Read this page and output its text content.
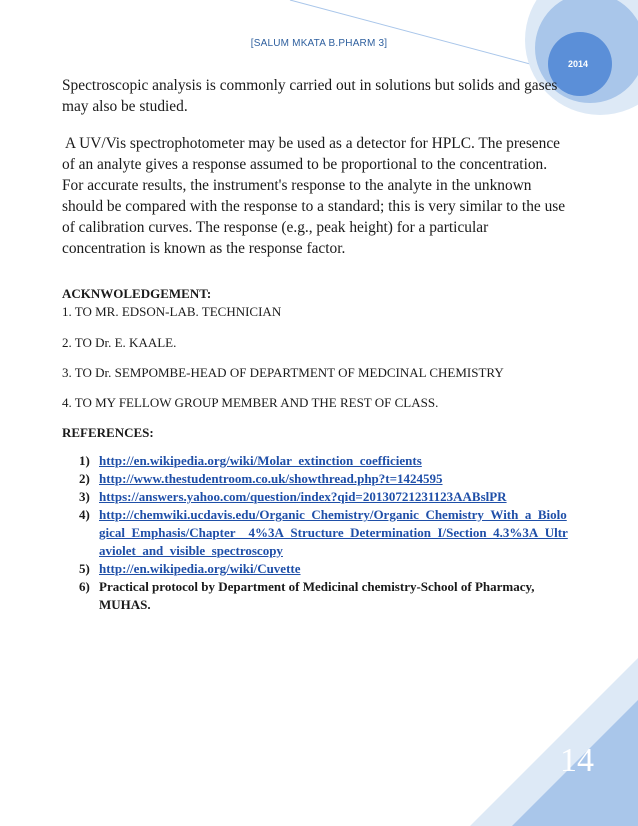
[SALUM MKATA B.PHARM 3]
2014
Spectroscopic analysis is commonly carried out in solutions but solids and gases may also be studied.
A UV/Vis spectrophotometer may be used as a detector for HPLC. The presence of an analyte gives a response assumed to be proportional to the concentration. For accurate results, the instrument's response to the analyte in the unknown should be compared with the response to a standard; this is very similar to the use of calibration curves. The response (e.g., peak height) for a particular concentration is known as the response factor.
ACKNWOLEDGEMENT:
1. TO MR. EDSON-LAB. TECHNICIAN
2. TO Dr. E. KAALE.
3. TO Dr. SEMPOMBE-HEAD OF DEPARTMENT OF MEDCINAL CHEMISTRY
4. TO MY FELLOW GROUP MEMBER AND THE REST OF CLASS.
REFERENCES:
1) http://en.wikipedia.org/wiki/Molar_extinction_coefficients
2) http://www.thestudentroom.co.uk/showthread.php?t=1424595
3) https://answers.yahoo.com/question/index?qid=20130721231123AABslPR
4) http://chemwiki.ucdavis.edu/Organic_Chemistry/Organic_Chemistry_With_a_Biological_Emphasis/Chapter__4%3A_Structure_Determination_I/Section_4.3%3A_Ultraviolet_and_visible_spectroscopy
5) http://en.wikipedia.org/wiki/Cuvette
6) Practical protocol by Department of Medicinal chemistry-School of Pharmacy, MUHAS.
14
